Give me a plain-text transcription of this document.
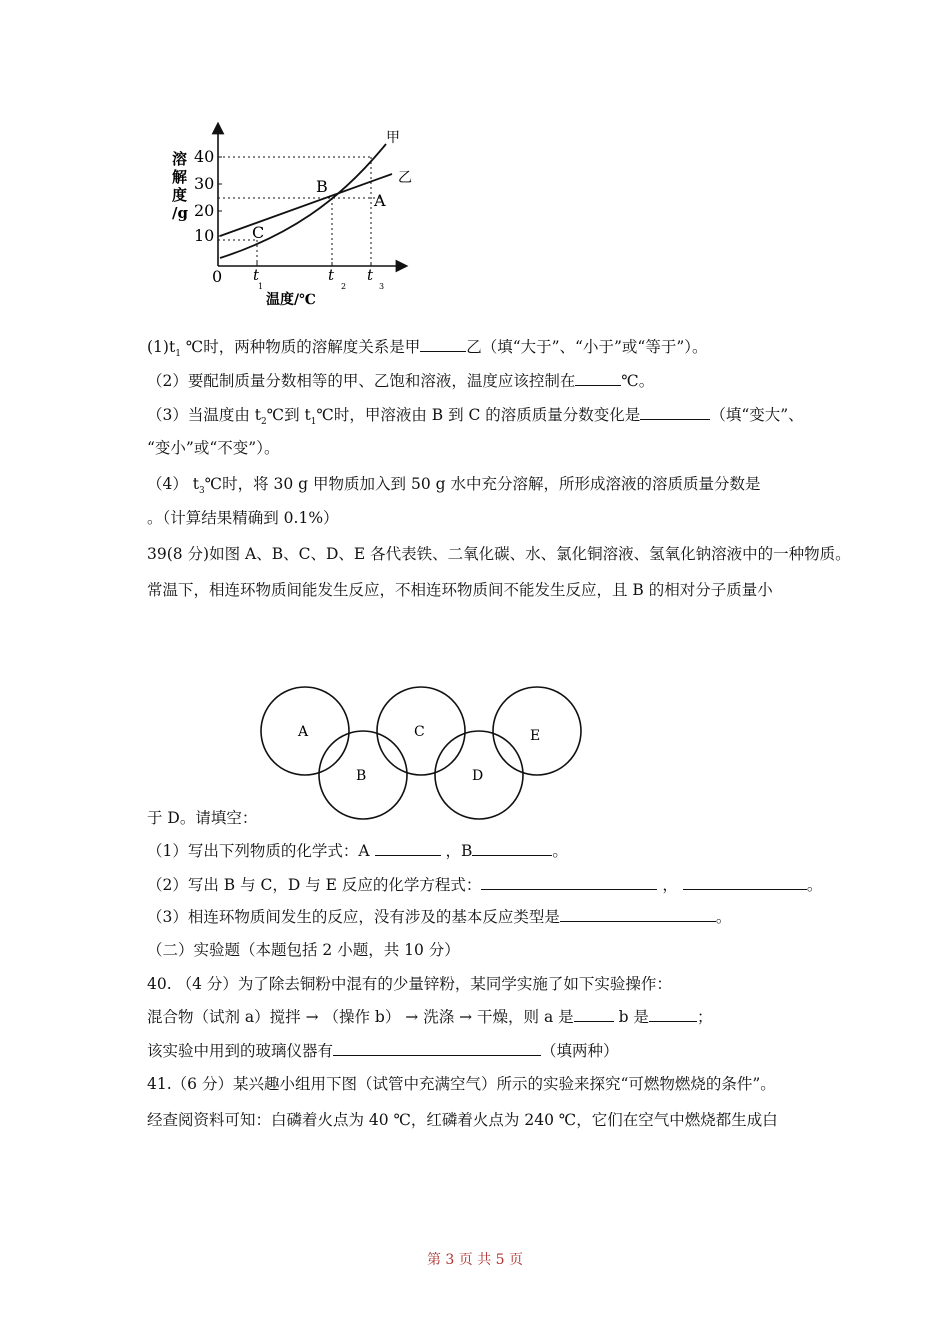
溶
解
度
/g
40
30
20
10
0 t
1
t
2
t
3
温度/℃
甲
乙
B
A
C
$(1)t_1$ ℃时，两种物质的溶解度关系是甲	乙（填“大于”、“小于”或“等于”）。
（2）要配制质量分数相等的甲、乙饱和溶液，温度应该控制在	℃。
（3）当温度由 $t_2℃$到 $t_1℃$时，甲溶液由 B 到 C 的溶质质量分数变化是	（填“变大”、
“变小”或“不变”）。
（4） $t_3℃$时，将 30 g 甲物质加入到 50 g 水中充分溶解，所形成溶液的溶质质量分数是
。（计算结果精确到 0.1%）
39(8 分)如图 A、B、C、D、E 各代表铁、二氧化碳、水、氯化铜溶液、氢氧化钠溶液中的一种物质。
常温下，相连环物质间能发生反应，不相连环物质间不能发生反应，且 B 的相对分子质量小
A
B
C
D
E
于 D。请填空：
（1）写出下列物质的化学式：A	，B	。
（2）写出 B 与 C，D 与 E 反应的化学方程式：	，	。
（3）相连环物质间发生的反应，没有涉及的基本反应类型是	。
（二）实验题（本题包括 2 小题，共 10 分）
40. （4 分）为了除去铜粉中混有的少量锌粉，某同学实施了如下实验操作：
混合物（试剂 a）搅拌 → （操作 b） → 洗涤 → 干燥，则 a 是	b 是	；
该实验中用到的玻璃仪器有	（填两种）
41.（6 分）某兴趣小组用下图（试管中充满空气）所示的实验来探究“可燃物燃烧的条件”。
经查阅资料可知：白磷着火点为 40 ℃，红磷着火点为 240 ℃，它们在空气中燃烧都生成白
第 3 页 共 5 页
